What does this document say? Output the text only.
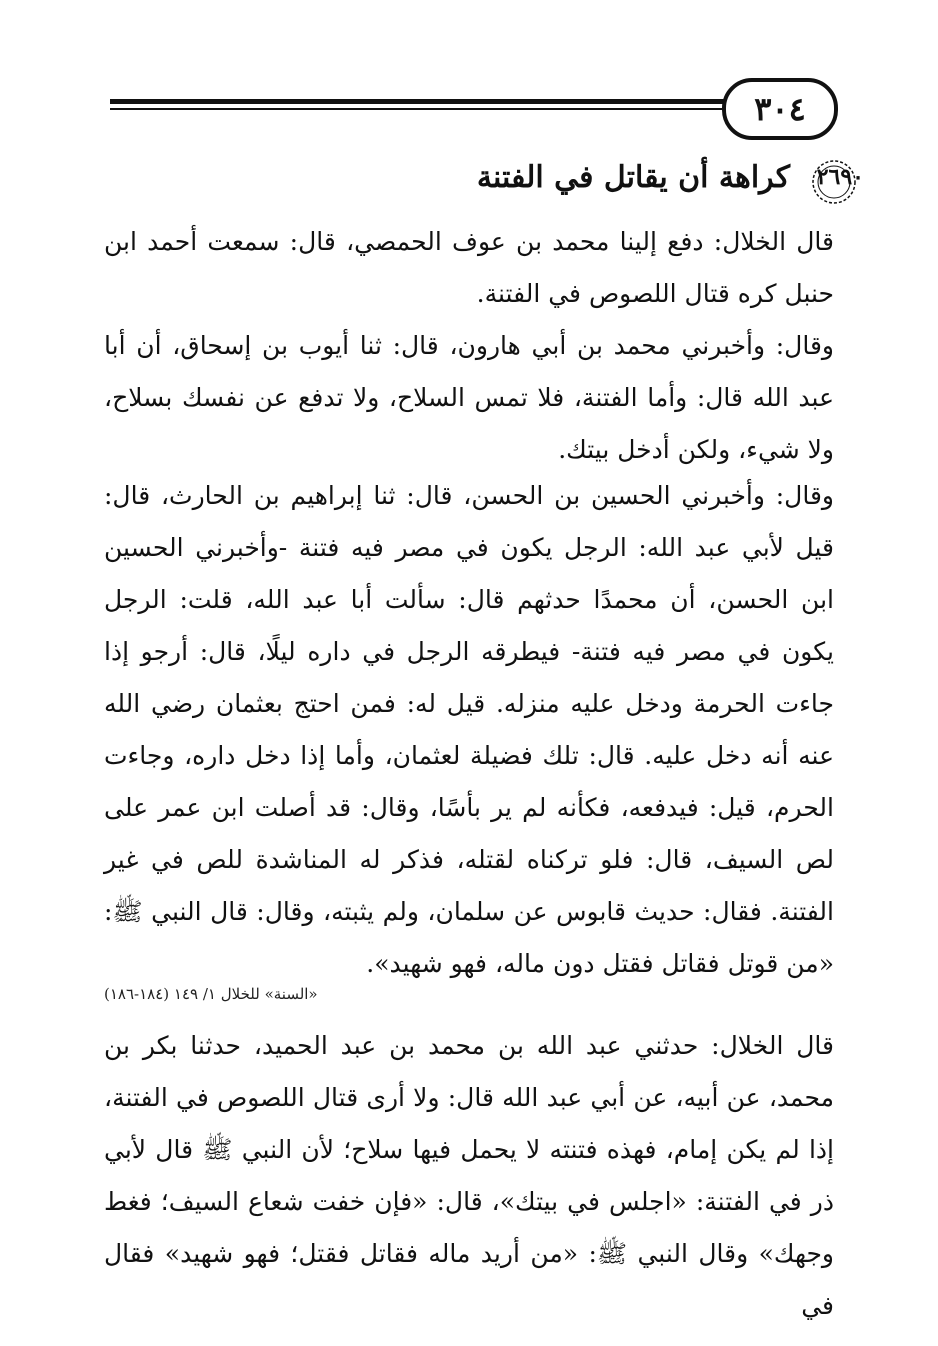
٣٠٤
٢٦٩٠
كراهة أن يقاتل في الفتنة
قال الخلال: دفع إلينا محمد بن عوف الحمصي، قال: سمعت أحمد ابن حنبل كره قتال اللصوص في الفتنة.
وقال: وأخبرني محمد بن أبي هارون، قال: ثنا أيوب بن إسحاق، أن أبا عبد الله قال: وأما الفتنة، فلا تمس السلاح، ولا تدفع عن نفسك بسلاح، ولا شيء، ولكن أدخل بيتك.
وقال: وأخبرني الحسين بن الحسن، قال: ثنا إبراهيم بن الحارث، قال: قيل لأبي عبد الله: الرجل يكون في مصر فيه فتنة -وأخبرني الحسين ابن الحسن، أن محمدًا حدثهم قال: سألت أبا عبد الله، قلت: الرجل يكون في مصر فيه فتنة- فيطرقه الرجل في داره ليلًا، قال: أرجو إذا جاءت الحرمة ودخل عليه منزله. قيل له: فمن احتج بعثمان رضي الله عنه أنه دخل عليه. قال: تلك فضيلة لعثمان، وأما إذا دخل داره، وجاءت الحرم، قيل: فيدفعه، فكأنه لم ير بأسًا، وقال: قد أصلت ابن عمر على لص السيف، قال: فلو تركناه لقتله، فذكر له المناشدة للص في غير الفتنة. فقال: حديث قابوس عن سلمان، ولم يثبته، وقال: قال النبي ﷺ: «من قوتل فقاتل فقتل دون ماله، فهو شهيد».
«السنة» للخلال ١/ ١٤٩ (١٨٤-١٨٦)
قال الخلال: حدثني عبد الله بن محمد بن عبد الحميد، حدثنا بكر بن محمد، عن أبيه، عن أبي عبد الله قال: ولا أرى قتال اللصوص في الفتنة، إذا لم يكن إمام، فهذه فتنته لا يحمل فيها سلاح؛ لأن النبي ﷺ قال لأبي ذر في الفتنة: «اجلس في بيتك»، قال: «فإن خفت شعاع السيف؛ فغط وجهك» وقال النبي ﷺ: «من أريد ماله فقاتل فقتل؛ فهو شهيد» فقال في
